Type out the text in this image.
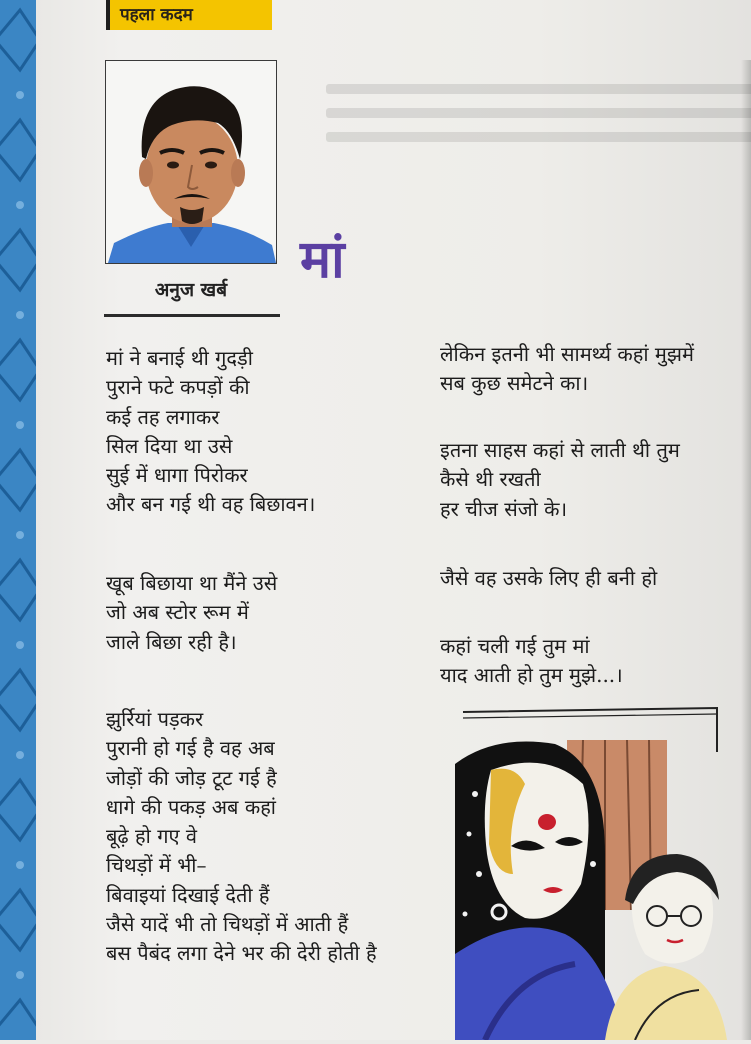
पहला कदम
मां
अनुज खर्ब
मां ने बनाई थी गुदड़ी
पुराने फटे कपड़ों की
कई तह लगाकर
सिल दिया था उसे
सुई में धागा पिरोकर
और बन गई थी वह बिछावन।
खूब बिछाया था मैंने उसे
जो अब स्टोर रूम में
जाले बिछा रही है।
झुर्रियां पड़कर
पुरानी हो गई है वह अब
जोड़ों की जोड़ टूट गई है
धागे की पकड़ अब कहां
बूढ़े हो गए वे
चिथड़ों में भी–
बिवाइयां दिखाई देती हैं
जैसे यादें भी तो चिथड़ों में आती हैं
बस पैबंद लगा देने भर की देरी होती है
लेकिन इतनी भी सामर्थ्य कहां मुझमें
सब कुछ समेटने का।
इतना साहस कहां से लाती थी तुम
कैसे थी रखती
हर चीज संजो के।
जैसे वह उसके लिए ही बनी हो
कहां चली गई तुम मां
याद आती हो तुम मुझे...।
